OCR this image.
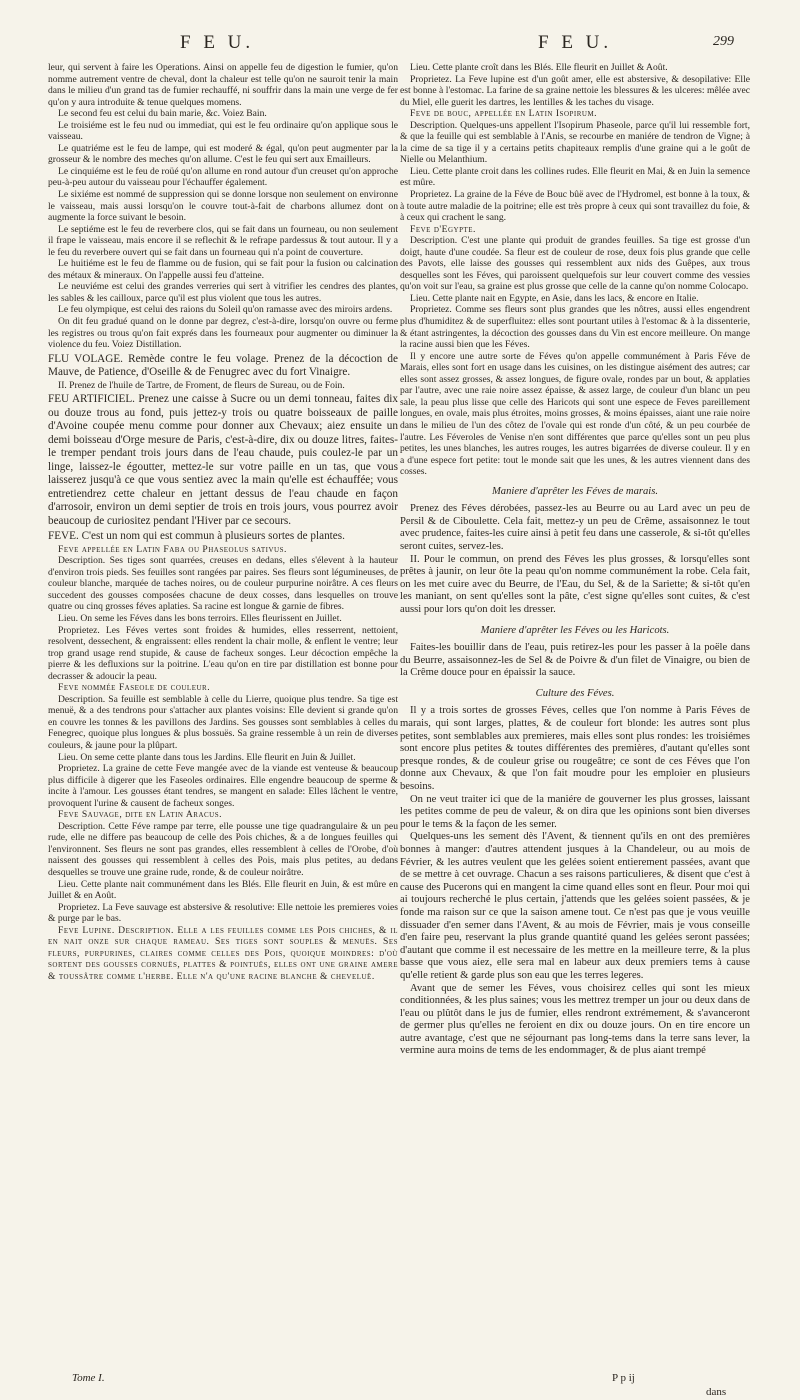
F E U.	F E U.	299

leur, qui servent à faire les Operations. Ainsi on appelle feu de digestion le fumier, qu'on nomme autrement ventre de cheval, dont la chaleur est telle qu'on ne sauroit tenir la main dans le milieu d'un grand tas de fumier rechauffé, ni souffrir dans la main une verge de fer qu'on y aura introduite & tenue quelques momens.

Le second feu est celui du bain marie, &c. Voiez Bain.

Le troisiéme est le feu nud ou immediat, qui est le feu ordinaire qu'on applique sous le vaisseau.

Le quatriéme est le feu de lampe, qui est moderé & égal, qu'on peut augmenter par la grosseur & le nombre des meches qu'on allume. C'est le feu qui sert aux Emailleurs.

Le cinquiéme est le feu de roüé qu'on allume en rond autour d'un creuset qu'on approche peu-à-peu autour du vaisseau pour l'échauffer également.

Le sixiéme est nommé de suppression qui se donne lorsque non seulement on environne le vaisseau, mais aussi lorsqu'on le couvre tout-à-fait de charbons allumez dont on augmente la force suivant le besoin.

Le septiéme est le feu de reverbere clos, qui se fait dans un fourneau, ou non seulement il frape le vaisseau, mais encore il se reflechit & le refrape pardessus & tout autour. Il y a le feu du reverbere ouvert qui se fait dans un fourneau qui n'a point de couverture.

Le huitiéme est le feu de flamme ou de fusion, qui se fait pour la fusion ou calcination des métaux & mineraux. On l'appelle aussi feu d'atteine.

Le neuviéme est celui des grandes verreries qui sert à vitrifier les cendres des plantes, les sables & les cailloux, parce qu'il est plus violent que tous les autres.

Le feu olympique, est celui des raions du Soleil qu'on ramasse avec des miroirs ardens.

On dit feu gradué quand on le donne par degrez, c'est-à-dire, lorsqu'on ouvre ou ferme les registres ou trous qu'on fait exprés dans les fourneaux pour augmenter ou diminuer la violence du feu. Voiez Distillation.

FLU VOLAGE. Remède contre le feu volage. Prenez de la décoction de Mauve, de Patience, d'Oseille & de Fenugrec avec du fort Vinaigre.

II. Prenez de l'huile de Tartre, de Froment, de fleurs de Sureau, ou de Foin.

FEU ARTIFICIEL. Prenez une caisse à Sucre ou un demi tonneau, faites dix ou douze trous au fond, puis jettez-y trois ou quatre boisseaux de paille d'Avoine coupée menu comme pour donner aux Chevaux; aiez ensuite un demi boisseau d'Orge mesure de Paris, c'est-à-dire, dix ou douze litres, faites-le tremper pendant trois jours dans de l'eau chaude, puis coulez-le par un linge, laissez-le égoutter, mettez-le sur votre paille en un tas, que vous laisserez jusqu'à ce que vous sentiez avec la main qu'elle est échauffée; vous entretiendrez cette chaleur en jettant dessus de l'eau chaude en façon d'arrosoir, environ un demi septier de trois en trois jours, vous pourrez avoir beaucoup de curiositez pendant l'Hiver par ce secours.

FEVE. C'est un nom qui est commun à plusieurs sortes de plantes.

Feve appellée en Latin Faba ou Phaseolus sativus.

Description. Ses tiges sont quarrées, creuses en dedans, elles s'élevent à la hauteur d'environ trois pieds. Ses feuilles sont rangées par paires. Ses fleurs sont légumineuses, de couleur blanche, marquée de taches noires, ou de couleur purpurine noirâtre. A ces fleurs succedent des gousses composées chacune de deux cosses, dans lesquelles on trouve quatre ou cinq grosses féves aplaties. Sa racine est longue & garnie de fibres.

Lieu. On seme les Féves dans les bons terroirs. Elles fleurissent en Juillet.

Proprietez. Les Féves vertes sont froides & humides, elles resserrent, nettoient, resolvent, dessechent, & engraissent: elles rendent la chair molle, & enflent le ventre; leur trop grand usage rend stupide, & cause de facheux songes. Leur décoction empêche la pierre & les defluxions sur la poitrine. L'eau qu'on en tire par distillation est bonne pour decrasser & adoucir la peau.

Feve nommée Faseole de couleur.

Description. Sa feuille est semblable à celle du Lierre, quoique plus tendre. Sa tige est menuë, & a des tendrons pour s'attacher aux plantes voisins: Elle devient si grande qu'on en couvre les tonnes & les pavillons des Jardins. Ses gousses sont semblables à celles du Fenegrec, quoique plus longues & plus bossuës. Sa graine ressemble à un rein de diverses couleurs, & jaune pour la plûpart.

Lieu. On seme cette plante dans tous les Jardins. Elle fleurit en Juin & Juillet.

Proprietez. La graine de cette Feve mangée avec de la viande est venteuse & beaucoup plus difficile à digerer que les Faseoles ordinaires. Elle engendre beaucoup de sperme & incite à l'amour. Les gousses étant tendres, se mangent en salade: Elles lâchent le ventre, provoquent l'urine & causent de facheux songes.

Feve Sauvage, dite en Latin Aracus.

Description. Cette Féve rampe par terre, elle pousse une tige quadrangulaire & un peu rude, elle ne differe pas beaucoup de celle des Pois chiches, & a de longues feuilles qui l'environnent. Ses fleurs ne sont pas grandes, elles ressemblent à celles de l'Orobe, d'où naissent des gousses qui ressemblent à celles des Pois, mais plus petites, au dedans desquelles se trouve une graine rude, ronde, & de couleur noirâtre.

Lieu. Cette plante nait communément dans les Blés. Elle fleurit en Juin, & est mûre en Juillet & en Août.

Proprietez. La Feve sauvage est abstersive & resolutive: Elle nettoie les premieres voies & purge par le bas.

Feve Lupine. Description. Elle a les feuilles comme les Pois chiches, & il en nait onze sur chaque rameau. Ses tiges sont souples & menuës. Ses fleurs, purpurines, claires comme celles des Pois, quoique moindres: d'où sortent des gousses cornuës, plattes & pointuës, elles ont une graine amere & toussâtre comme l'herbe. Elle n'a qu'une racine blanche & cheveluë.

Lieu. Cette plante croît dans les Blés. Elle fleurit en Juillet & Août.

Proprietez. La Feve lupine est d'un goût amer, elle est abstersive, & desopilative: Elle est bonne à l'estomac. La farine de sa graine nettoie les blessures & les ulceres: mêlée avec du Miel, elle guerit les dartres, les lentilles & les taches du visage.

Feve de bouc, appellée en Latin Isopirum.

Description. Quelques-uns appellent l'Isopirum Phaseole, parce qu'il lui ressemble fort, & que la feuille qui est semblable à l'Anis, se recourbe en maniére de tendron de Vigne; à la cime de sa tige il y a certains petits chapiteaux remplis d'une graine qui a le goût de Nielle ou Melanthium.

Lieu. Cette plante croit dans les collines rudes. Elle fleurit en Mai, & en Juin la semence est mûre.

Proprietez. La graine de la Féve de Bouc bûë avec de l'Hydromel, est bonne à la toux, & à toute autre maladie de la poitrine; elle est très propre à ceux qui sont travaillez du foie, & à ceux qui crachent le sang.

Feve d'Egypte.

Description. C'est une plante qui produit de grandes feuilles. Sa tige est grosse d'un doigt, haute d'une coudée. Sa fleur est de couleur de rose, deux fois plus grande que celle des Pavots, elle laisse des gousses qui ressemblent aux nids des Guêpes, aux trous desquelles sont les Féves, qui paroissent quelquefois sur leur couvert comme des vessies qu'on voit sur l'eau, sa graine est plus grosse que celle de la canne qu'on nomme Colocapo.

Lieu. Cette plante nait en Egypte, en Asie, dans les lacs, & encore en Italie.

Proprietez. Comme ses fleurs sont plus grandes que les nôtres, aussi elles engendrent plus d'humiditez & de superfluitez: elles sont pourtant utiles à l'estomac & à la dissenterie, & étant astringentes, la décoction des gousses dans du Vin est encore meilleure. On mange la racine aussi bien que les Féves.

Il y encore une autre sorte de Féves qu'on appelle communément à Paris Féve de Marais, elles sont fort en usage dans les cuisines, on les distingue aisément des autres; car elles sont assez grosses, & assez longues, de figure ovale, rondes par un bout, & applaties par l'autre, avec une raie noire assez épaisse, & assez large, de couleur d'un blanc un peu sale, la peau plus lisse que celle des Haricots qui sont une espece de Feves pareillement longues, en ovale, mais plus étroites, moins grosses, & moins épaisses, aiant une raie noire dans le milieu de l'un des côtez de l'ovale qui est ronde d'un côté, & un peu courbée de l'autre. Les Féveroles de Venise n'en sont différentes que parce qu'elles sont un peu plus petites, les unes blanches, les autres rouges, les autres bigarrées de diverse couleur. Il y en a d'une espece fort petite: tout le monde sait que les unes, & les autres viennent dans des cosses.

Maniere d'aprêter les Féves de marais.

Prenez des Féves dérobées, passez-les au Beurre ou au Lard avec un peu de Persil & de Ciboulette. Cela fait, mettez-y un peu de Crême, assaisonnez le tout avec prudence, faites-les cuire ainsi à petit feu dans une casserole, & si-tôt qu'elles seront cuites, servez-les.

II. Pour le commun, on prend des Féves les plus grosses, & lorsqu'elles sont prêtes à jaunir, on leur ôte la peau qu'on nomme communément la robe. Cela fait, on les met cuire avec du Beurre, de l'Eau, du Sel, & de la Sariette; & si-tôt qu'en les maniant, on sent qu'elles sont la pâte, c'est signe qu'elles sont cuites, & c'est aussi pour lors qu'on doit les dresser.

Maniere d'aprêter les Féves ou les Haricots.

Faites-les bouillir dans de l'eau, puis retirez-les pour les passer à la poële dans du Beurre, assaisonnez-les de Sel & de Poivre & d'un filet de Vinaigre, ou bien de la Crême douce pour en épaissir la sauce.

Culture des Féves.

Il y a trois sortes de grosses Féves, celles que l'on nomme à Paris Féves de marais, qui sont larges, plattes, & de couleur fort blonde: les autres sont plus petites, sont semblables aux premieres, mais elles sont plus rondes: les troisiémes sont encore plus petites & toutes différentes des premières, d'autant qu'elles sont presque rondes, & de couleur grise ou rougeâtre; ce sont de ces Féves que l'on donne aux Chevaux, & que l'on fait moudre pour les emploier en plusieurs besoins.

On ne veut traiter ici que de la maniére de gouverner les plus grosses, laissant les petites comme de peu de valeur, & on dira que les opinions sont bien diverses pour le tems & la façon de les semer.

Quelques-uns les sement dès l'Avent, & tiennent qu'ils en ont des premières bonnes à manger: d'autres attendent jusques à la Chandeleur, ou au mois de Février, & les autres veulent que les gelées soient entierement passées, avant que de se mettre à cet ouvrage. Chacun a ses raisons particulieres, & disent que c'est à cause des Pucerons qui en mangent la cime quand elles sont en fleur. Pour moi qui ai toujours recherché le plus certain, j'attends que les gelées soient passées, & je fonde ma raison sur ce que la saison amene tout. Ce n'est pas que je vous veuille dissuader d'en semer dans l'Avent, & au mois de Février, mais je vous conseille d'en faire peu, reservant la plus grande quantité quand les gelées seront passées; d'autant que comme il est necessaire de les mettre en la meilleure terre, & la plus basse que vous aiez, elle sera mal en labeur aux deux premiers tems à cause qu'elle retient & garde plus son eau que les terres legeres.

Avant que de semer les Féves, vous choisirez celles qui sont les mieux conditionnées, & les plus saines; vous les mettrez tremper un jour ou deux dans de l'eau ou plûtôt dans le jus de fumier, elles rendront extrémement, & s'avanceront de germer plus qu'elles ne feroient en dix ou douze jours. On en tire encore un autre avantage, c'est que ne séjournant pas long-tems dans la terre sans lever, la vermine aura moins de tems de les endommager, & de plus aiant trempé

Tome I.	P p ij
dans
